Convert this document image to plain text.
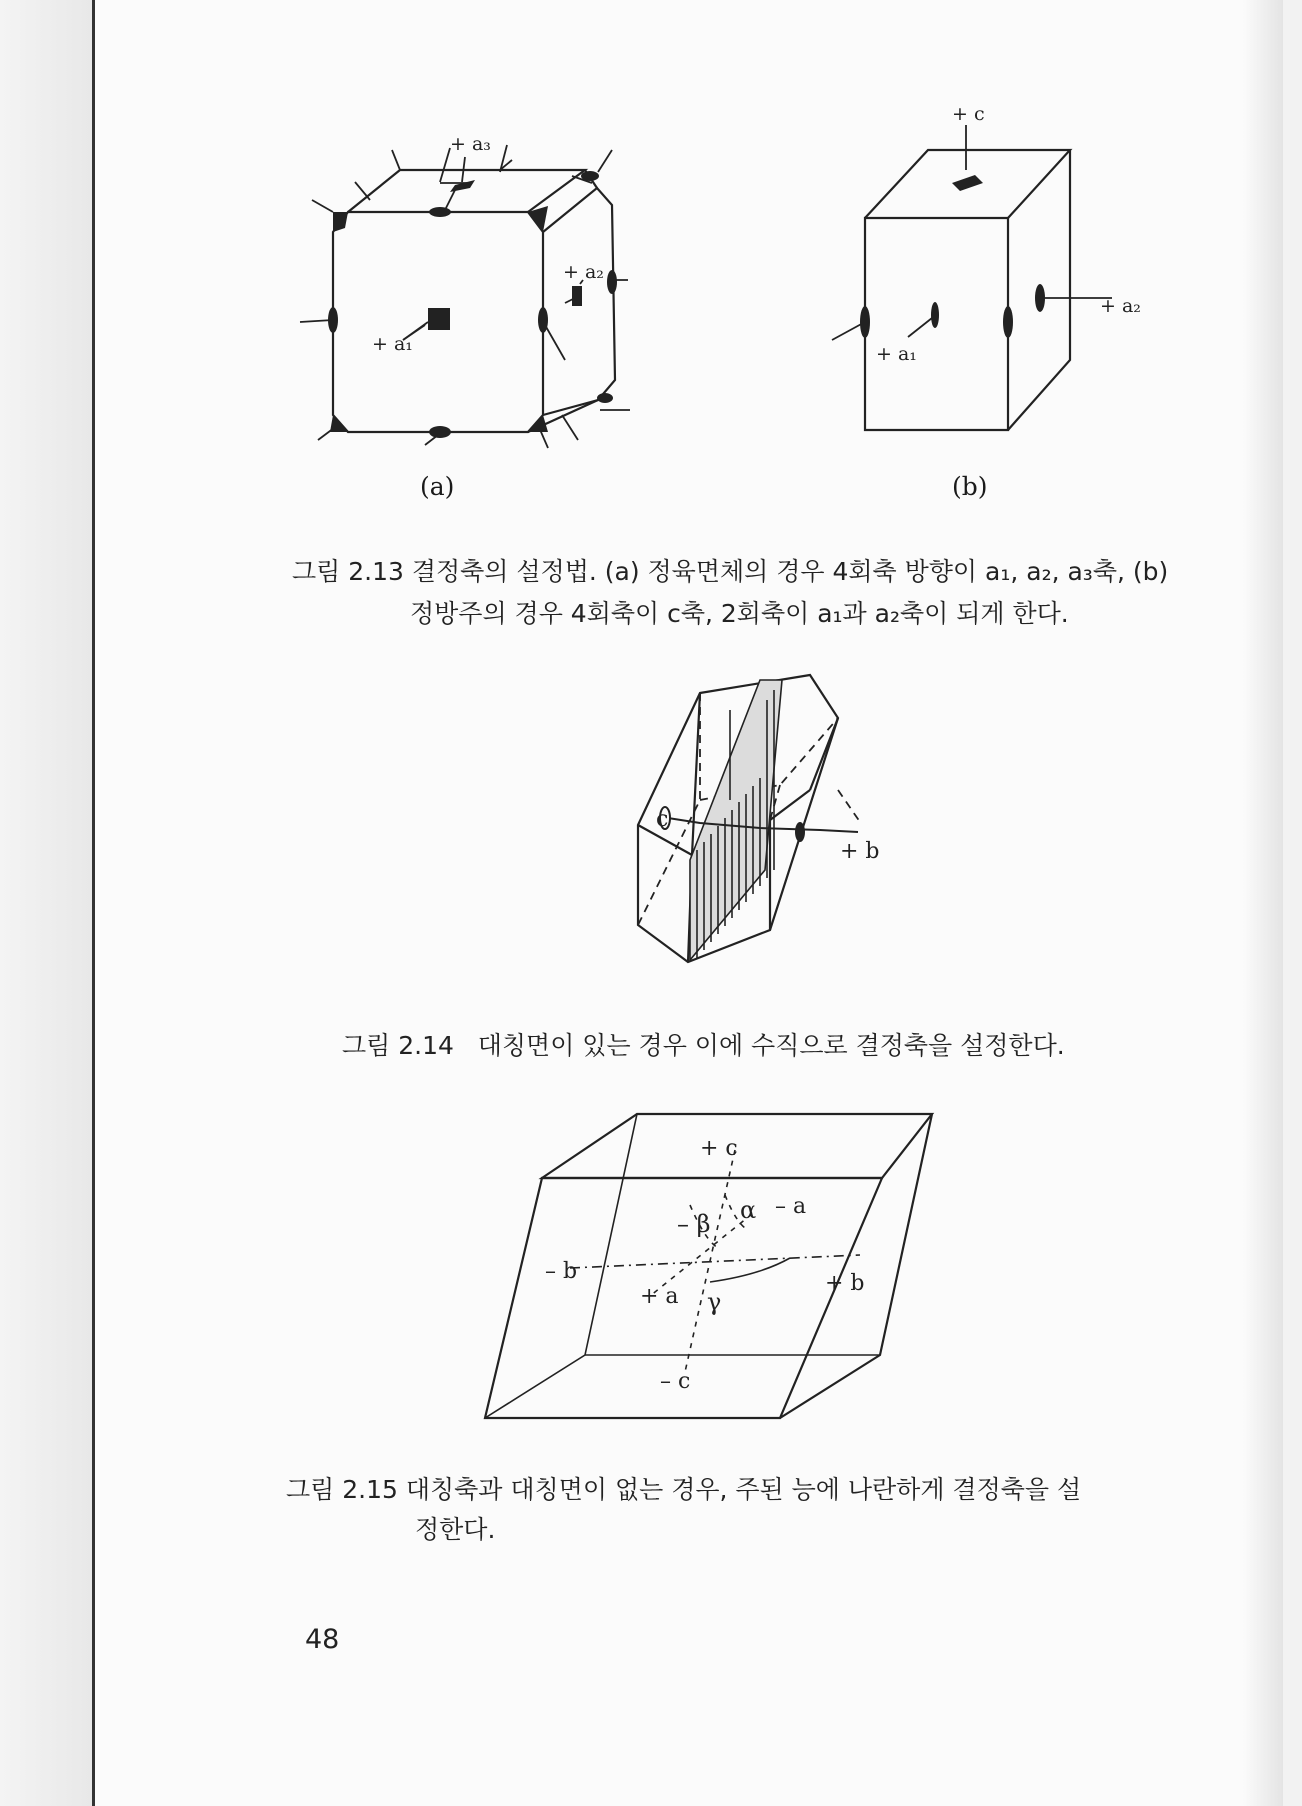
+ a₃
+ a₂
+ a₁
(a)
+ c
+ a₂
+ a₁
(b)
그림 2.13 결정축의 설정법. (a) 정육면체의 경우 4회축 방향이 a₁, a₂, a₃축, (b)
정방주의 경우 4회축이 c축, 2회축이 a₁과 a₂축이 되게 한다.
c
+ b
그림 2.14   대칭면이 있는 경우 이에 수직으로 결정축을 설정한다.
+ c
– c
– b	+ b
– a
+ a
α
– β
γ
그림 2.15 대칭축과 대칭면이 없는 경우, 주된 능에 나란하게 결정축을 설
48
정한다.
